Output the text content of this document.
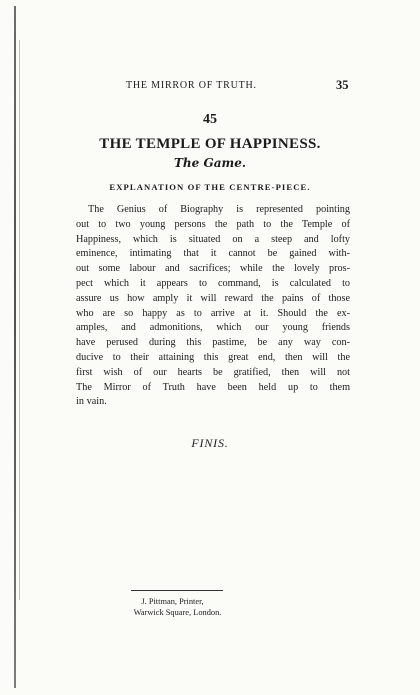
THE MIRROR OF TRUTH.	35
45
THE TEMPLE OF HAPPINESS.
The Game.
EXPLANATION OF THE CENTRE-PIECE.
The Genius of Biography is represented pointing
out to two young persons the path to the Temple of
Happiness, which is situated on a steep and lofty
eminence, intimating that it cannot be gained with-
out some labour and sacrifices; while the lovely pros-
pect which it appears to command, is calculated to
assure us how amply it will reward the pains of those
who are so happy as to arrive at it. Should the ex-
amples, and admonitions, which our young friends
have perused during this pastime, be any way con-
ducive to their attaining this great end, then will the
first wish of our hearts be gratified, then will not
The Mirror of Truth have been held up to them
in vain.
FINIS.
J. Pittman, Printer,
Warwick Square, London.
